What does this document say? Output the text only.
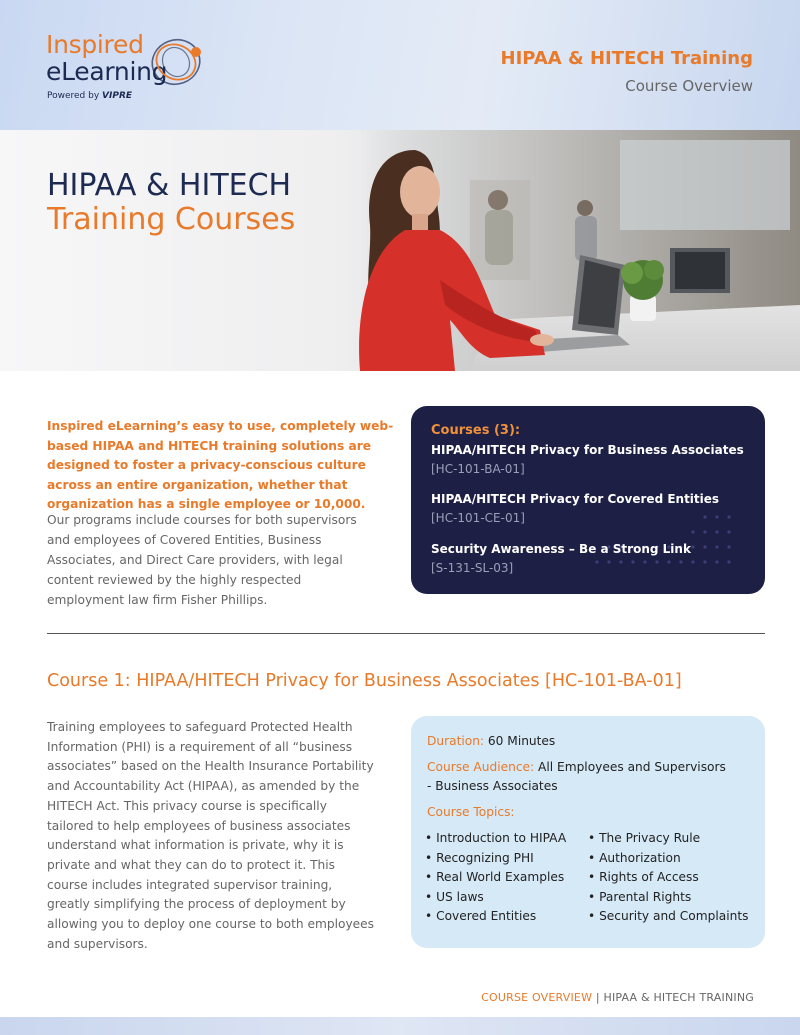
Inspired
eLearning
Powered by VIPRE
HIPAA & HITECH Training
Course Overview
HIPAA & HITECH
Training Courses
Inspired eLearning’s easy to use, completely web-based HIPAA and HITECH training solutions are designed to foster a privacy-conscious culture across an entire organization, whether that organization has a single employee or 10,000.
Our programs include courses for both supervisors and employees of Covered Entities, Business Associates, and Direct Care providers, with legal content reviewed by the highly respected employment law firm Fisher Phillips.
Courses (3):
HIPAA/HITECH Privacy for Business Associates
[HC-101-BA-01]
HIPAA/HITECH Privacy for Covered Entities
[HC-101-CE-01]
Security Awareness – Be a Strong Link
[S-131-SL-03]
Course 1: HIPAA/HITECH Privacy for Business Associates [HC-101-BA-01]
Training employees to safeguard Protected Health Information (PHI) is a requirement of all “business associates” based on the Health Insurance Portability and Accountability Act (HIPAA), as amended by the HITECH Act. This privacy course is specifically tailored to help employees of business associates understand what information is private, why it is private and what they can do to protect it. This course includes integrated supervisor training, greatly simplifying the process of deployment by allowing you to deploy one course to both employees and supervisors.
Duration: 60 Minutes
Course Audience: All Employees and Supervisors
- Business Associates
Course Topics:
• Introduction to HIPAA
• Recognizing PHI
• Real World Examples
• US laws
• Covered Entities
• The Privacy Rule
• Authorization
• Rights of Access
• Parental Rights
• Security and Complaints
COURSE OVERVIEW | HIPAA & HITECH TRAINING
